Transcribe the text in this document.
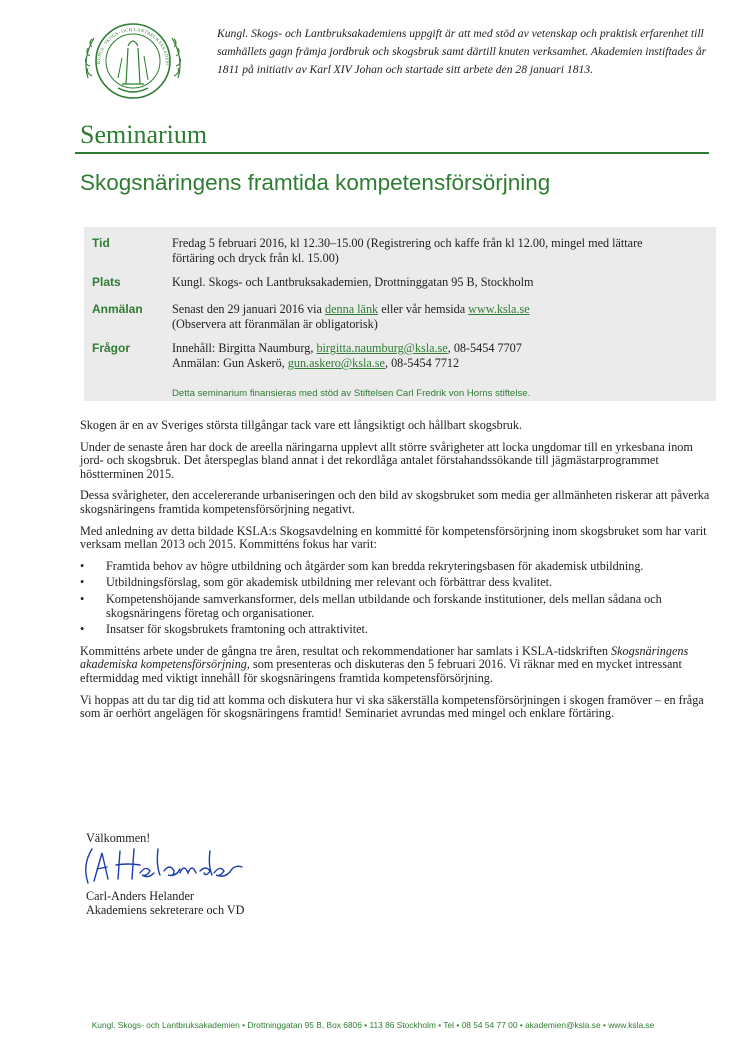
KUNGL. SKOGS- OCH LANTBRUKSAKADEM
Kungl. Skogs- och Lantbruksakademiens uppgift är att med stöd av vetenskap och praktisk erfarenhet till samhällets gagn främja jordbruk och skogsbruk samt därtill knuten verksamhet. Akademien instiftades år 1811 på initiativ av Karl XIV Johan och startade sitt arbete den 28 januari 1813.
Seminarium
Skogsnäringens framtida kompetensförsörjning
Tid	Fredag 5 februari 2016, kl 12.30–15.00 (Registrering och kaffe från kl 12.00, mingel med lättare
förtäring och dryck från kl. 15.00)
Plats	Kungl. Skogs- och Lantbruksakademien, Drottninggatan 95 B, Stockholm
Anmälan Senast den 29 januari 2016 via denna länk eller vår hemsida www.ksla.se
(Observera att föranmälan är obligatorisk)
Frågor	Innehåll: Birgitta Naumburg, birgitta.naumburg@ksla.se, 08-5454 7707
Anmälan: Gun Askerö, gun.askero@ksla.se, 08-5454 7712
Detta seminarium finansieras med stöd av Stiftelsen Carl Fredrik von Horns stiftelse.

Skogen är en av Sveriges största tillgångar tack vare ett långsiktigt och hållbart skogsbruk.

Under de senaste åren har dock de areella näringarna upplevt allt större svårigheter att locka ungdomar till en yrkesbana inom jord- och skogsbruk. Det återspeglas bland annat i det rekordlåga antalet förstahandssökande till jägmästarprogrammet höstterminen 2015.

Dessa svårigheter, den accelererande urbaniseringen och den bild av skogsbruket som media ger allmänheten riskerar att påverka skogsnäringens framtida kompetensförsörjning negativt.

Med anledning av detta bildade KSLA:s Skogsavdelning en kommitté för kompetensförsörjning inom skogsbruket som har varit verksam mellan 2013 och 2015. Kommitténs fokus har varit:

• Framtida behov av högre utbildning och åtgärder som kan bredda rekryteringsbasen för akademisk utbildning.
• Utbildningsförslag, som gör akademisk utbildning mer relevant och förbättrar dess kvalitet.
• Kompetenshöjande samverkansformer, dels mellan utbildande och forskande institutioner, dels mellan sådana och skogsnäringens företag och organisationer.
• Insatser för skogsbrukets framtoning och attraktivitet.

Kommitténs arbete under de gångna tre åren, resultat och rekommendationer har samlats i KSLA-tidskriften Skogsnäringens akademiska kompetensförsörjning, som presenteras och diskuteras den 5 februari 2016. Vi räknar med en mycket intressant eftermiddag med viktigt innehåll för skogsnäringens framtida kompetensförsörjning.

Vi hoppas att du tar dig tid att komma och diskutera hur vi ska säkerställa kompetensförsörjningen i skogen framöver – en fråga som är oerhört angelägen för skogsnäringens framtid! Seminariet avrundas med mingel och enklare förtäring.

Välkommen!
Carl-Anders Helander
Akademiens sekreterare och VD
Kungl. Skogs- och Lantbruksakademien • Drottninggatan 95 B, Box 6806 • 113 86 Stockholm • Tel • 08 54 54 77 00 • akademien@ksla.se • www.ksla.se
